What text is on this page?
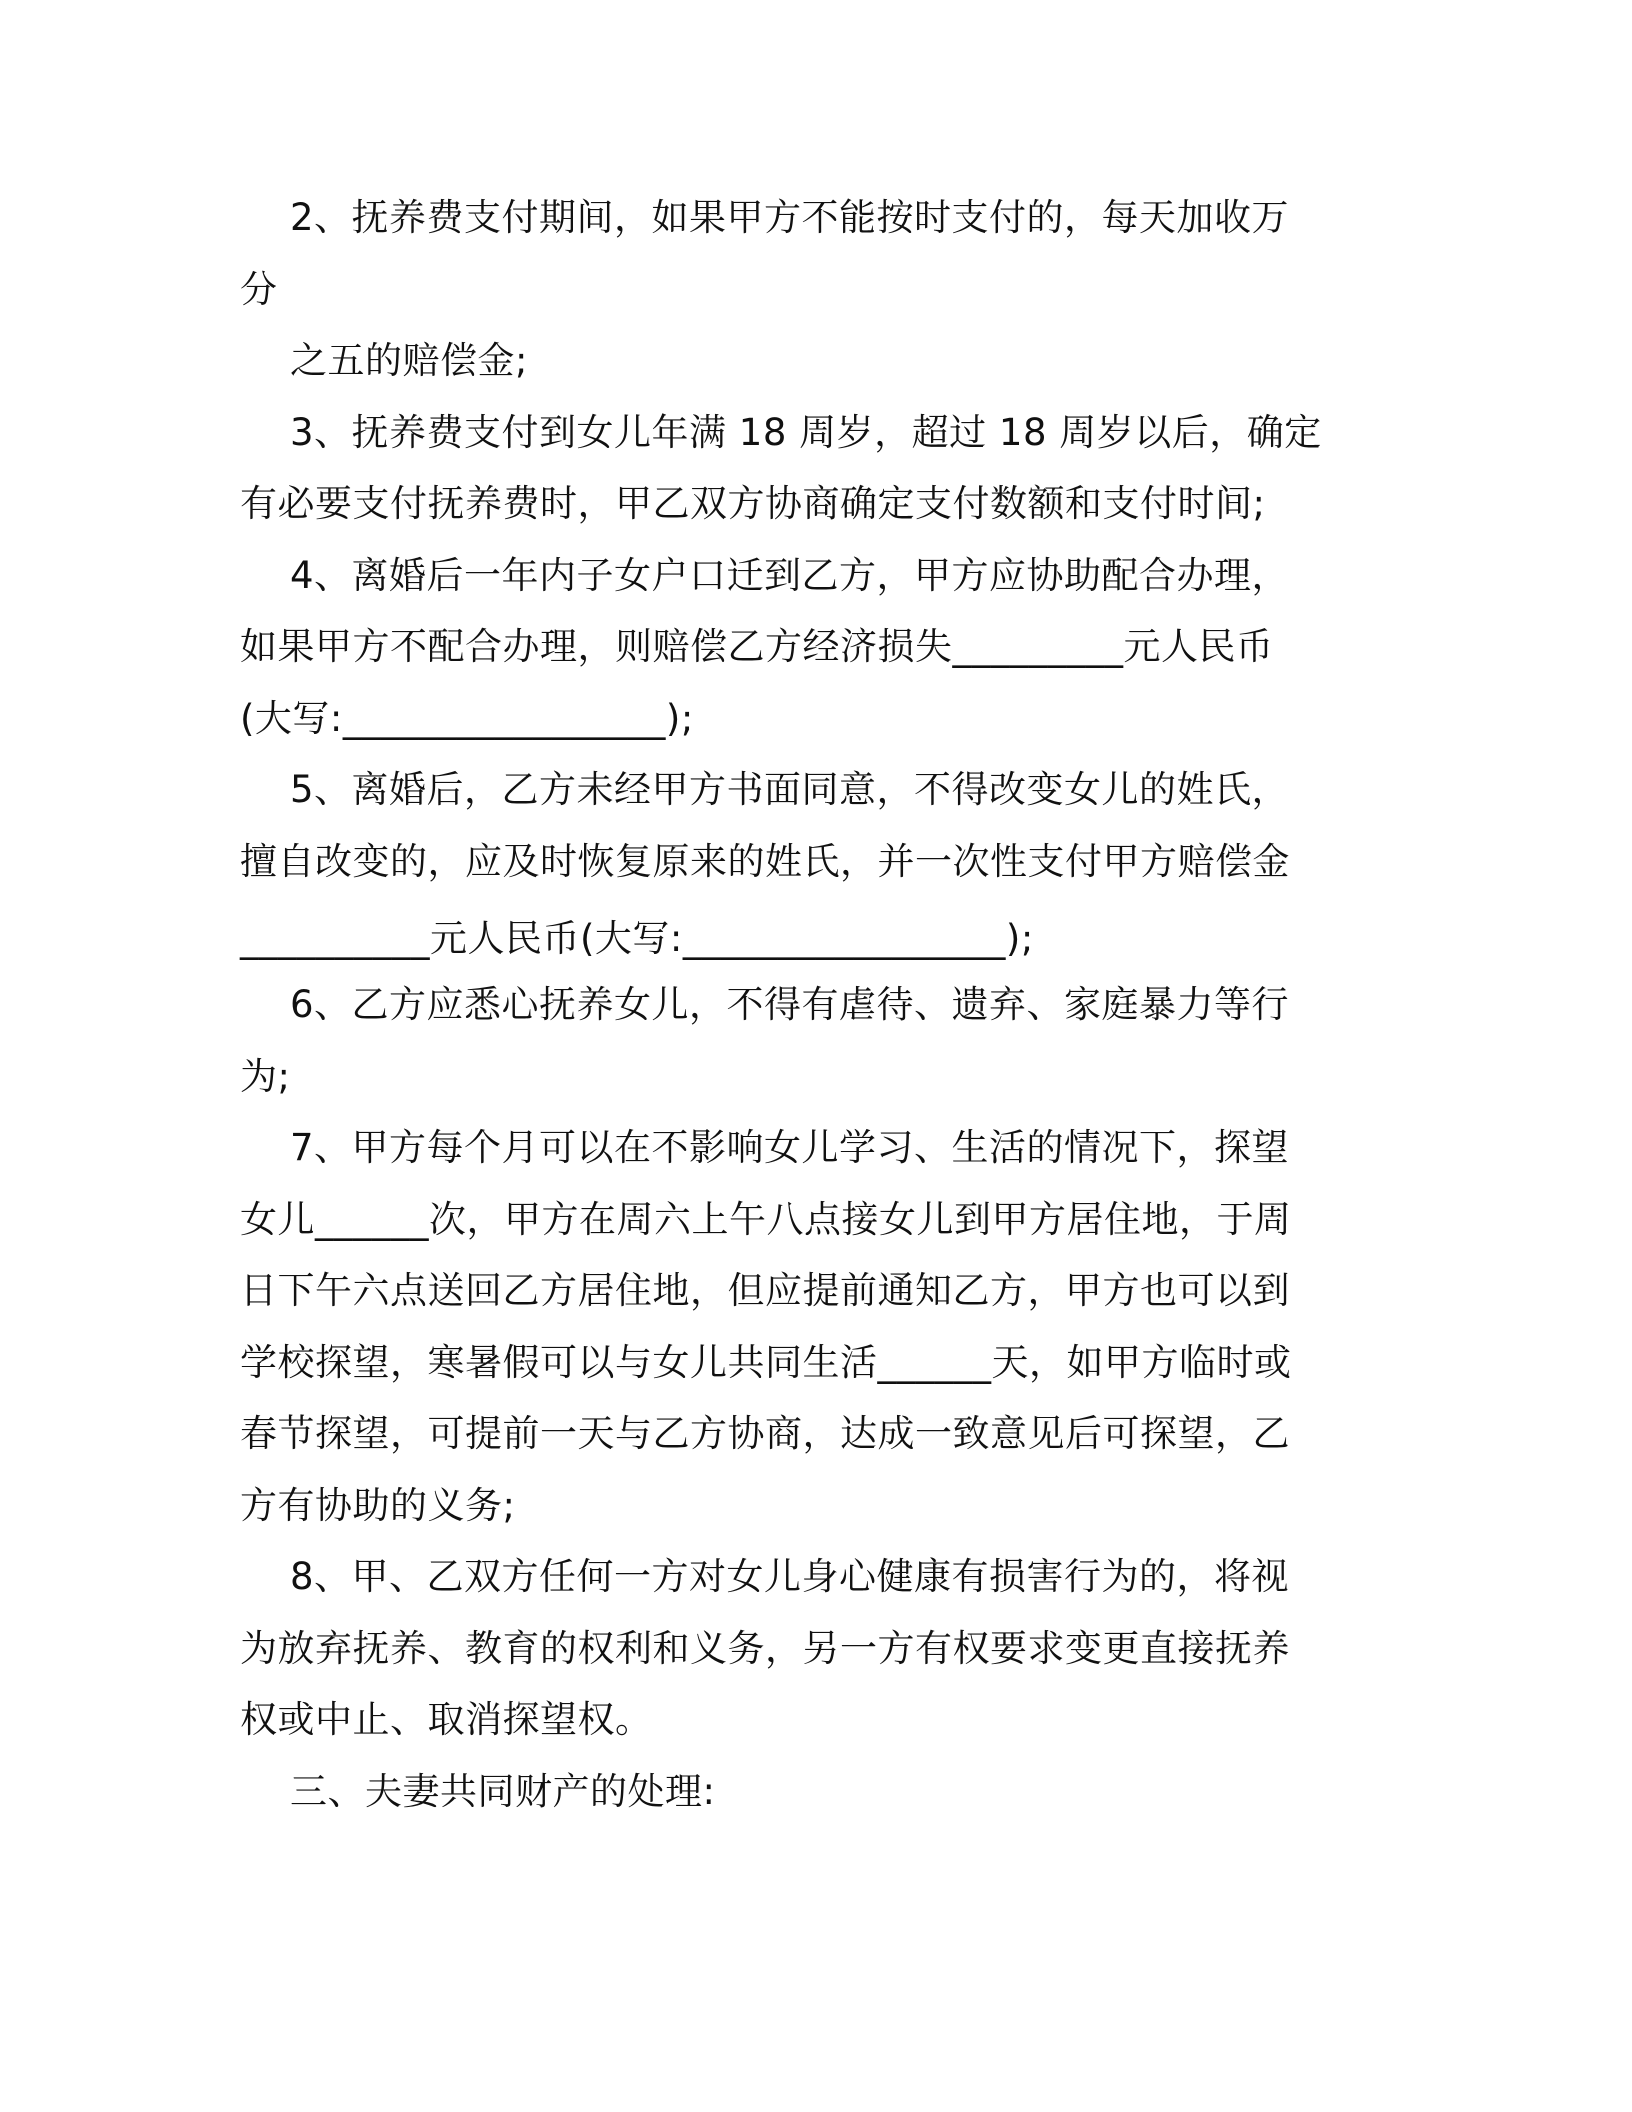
2、抚养费支付期间，如果甲方不能按时支付的，每天加收万

分

之五的赔偿金;

3、抚养费支付到女儿年满 18 周岁，超过 18 周岁以后，确定

有必要支付抚养费时，甲乙双方协商确定支付数额和支付时间;

4、离婚后一年内子女户口迁到乙方，甲方应协助配合办理，

如果甲方不配合办理，则赔偿乙方经济损失_________元人民币

(大写:_________________);

5、离婚后，乙方未经甲方书面同意，不得改变女儿的姓氏，

擅自改变的，应及时恢复原来的姓氏，并一次性支付甲方赔偿金

__________元人民币(大写:_________________);

6、乙方应悉心抚养女儿，不得有虐待、遗弃、家庭暴力等行

为;

7、甲方每个月可以在不影响女儿学习、生活的情况下，探望

女儿______次，甲方在周六上午八点接女儿到甲方居住地，于周

日下午六点送回乙方居住地，但应提前通知乙方，甲方也可以到

学校探望，寒暑假可以与女儿共同生活______天，如甲方临时或

春节探望，可提前一天与乙方协商，达成一致意见后可探望，乙

方有协助的义务;

8、甲、乙双方任何一方对女儿身心健康有损害行为的，将视

为放弃抚养、教育的权利和义务，另一方有权要求变更直接抚养

权或中止、取消探望权。

三、夫妻共同财产的处理:
